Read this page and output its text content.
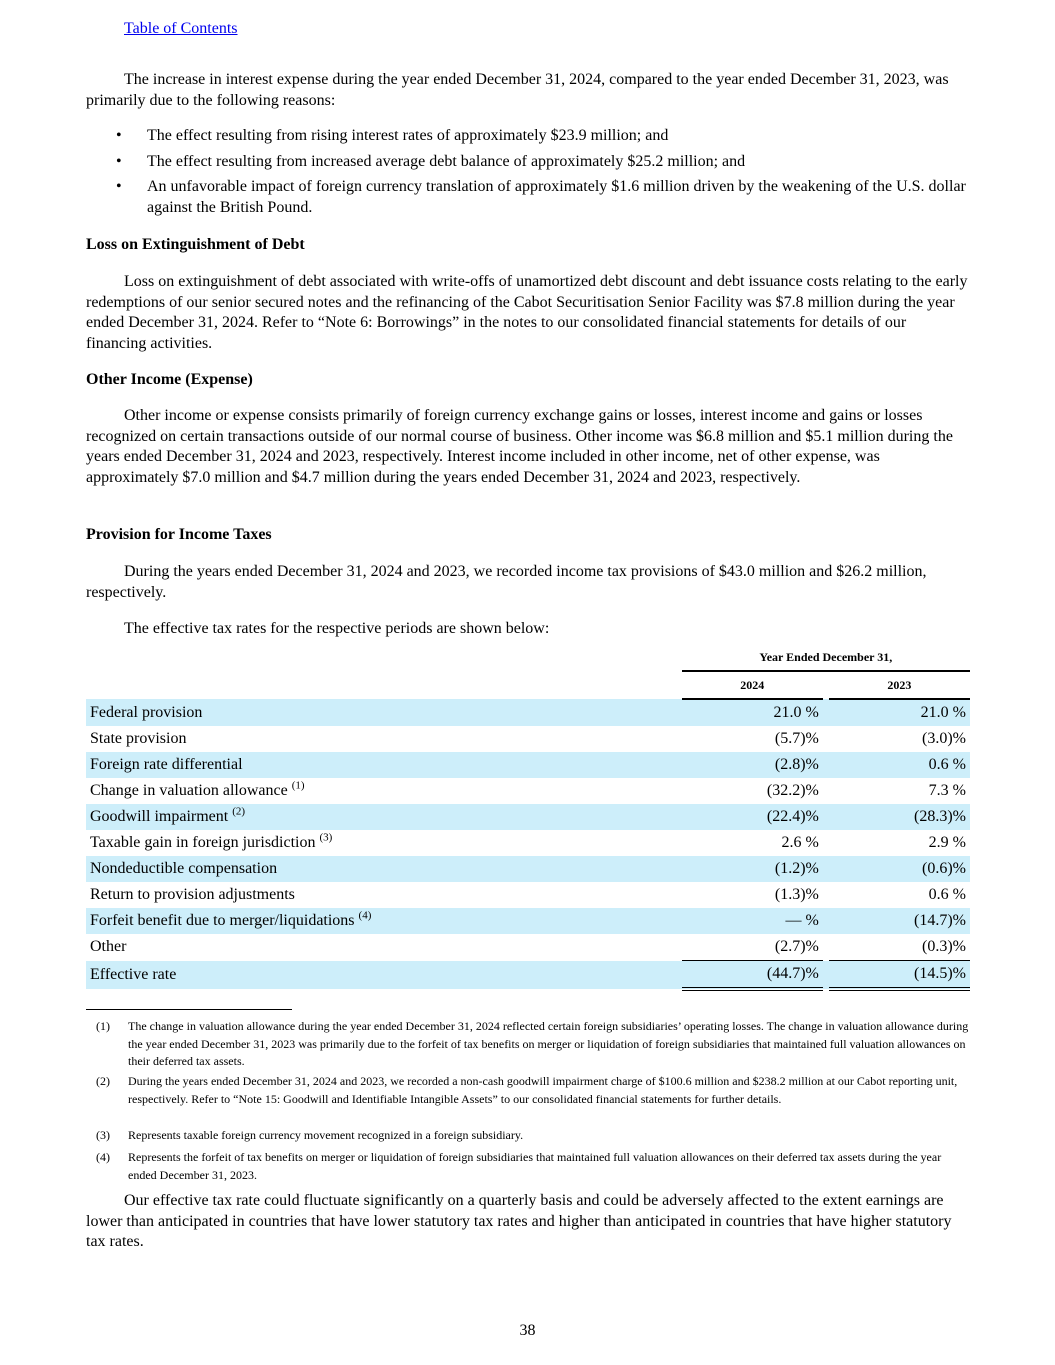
Table of Contents

The increase in interest expense during the year ended December 31, 2024, compared to the year ended December 31, 2023, was primarily due to the following reasons:

• The effect resulting from rising interest rates of approximately $23.9 million; and
• The effect resulting from increased average debt balance of approximately $25.2 million; and
• An unfavorable impact of foreign currency translation of approximately $1.6 million driven by the weakening of the U.S. dollar against the British Pound.
Loss on Extinguishment of Debt

Loss on extinguishment of debt associated with write-offs of unamortized debt discount and debt issuance costs relating to the early redemptions of our senior secured notes and the refinancing of the Cabot Securitisation Senior Facility was $7.8 million during the year ended December 31, 2024. Refer to “Note 6: Borrowings” in the notes to our consolidated financial statements for details of our financing activities.

Other Income (Expense)

Other income or expense consists primarily of foreign currency exchange gains or losses, interest income and gains or losses recognized on certain transactions outside of our normal course of business. Other income was $6.8 million and $5.1 million during the years ended December 31, 2024 and 2023, respectively. Interest income included in other income, net of other expense, was approximately $7.0 million and $4.7 million during the years ended December 31, 2024 and 2023, respectively.

Provision for Income Taxes

During the years ended December 31, 2024 and 2023, we recorded income tax provisions of $43.0 million and $26.2 million, respectively.

The effective tax rates for the respective periods are shown below:

	Year Ended December 31,		
	2024		2023
Federal provision	21.0 %		21.0 %
State provision	(5.7)%		(3.0)%
Foreign rate differential	(2.8)%		0.6 %
Change in valuation allowance $^{(1)}$	(32.2)%		7.3 %
Goodwill impairment $^{(2)}$	(22.4)%		(28.3)%
Taxable gain in foreign jurisdiction $^{(3)}$	2.6 %		2.9 %
Nondeductible compensation	(1.2)%		(0.6)%
Return to provision adjustments	(1.3)%		0.6 %
Forfeit benefit due to merger/liquidations $^{(4)}$	— %		(14.7)%
Other	(2.7)%		(0.3)%
Effective rate	(44.7)%		(14.5)%
(1) The change in valuation allowance during the year ended December 31, 2024 reflected certain foreign subsidiaries’ operating losses. The change in valuation allowance during the year ended December 31, 2023 was primarily due to the forfeit of tax benefits on merger or liquidation of foreign subsidiaries that maintained full valuation allowances on their deferred tax assets.
(2) During the years ended December 31, 2024 and 2023, we recorded a non-cash goodwill impairment charge of $100.6 million and $238.2 million at our Cabot reporting unit, respectively. Refer to “Note 15: Goodwill and Identifiable Intangible Assets” to our consolidated financial statements for further details.
(3) Represents taxable foreign currency movement recognized in a foreign subsidiary.
(4) Represents the forfeit of tax benefits on merger or liquidation of foreign subsidiaries that maintained full valuation allowances on their deferred tax assets during the year ended December 31, 2023.

Our effective tax rate could fluctuate significantly on a quarterly basis and could be adversely affected to the extent earnings are lower than anticipated in countries that have lower statutory tax rates and higher than anticipated in countries that have higher statutory tax rates.

38
